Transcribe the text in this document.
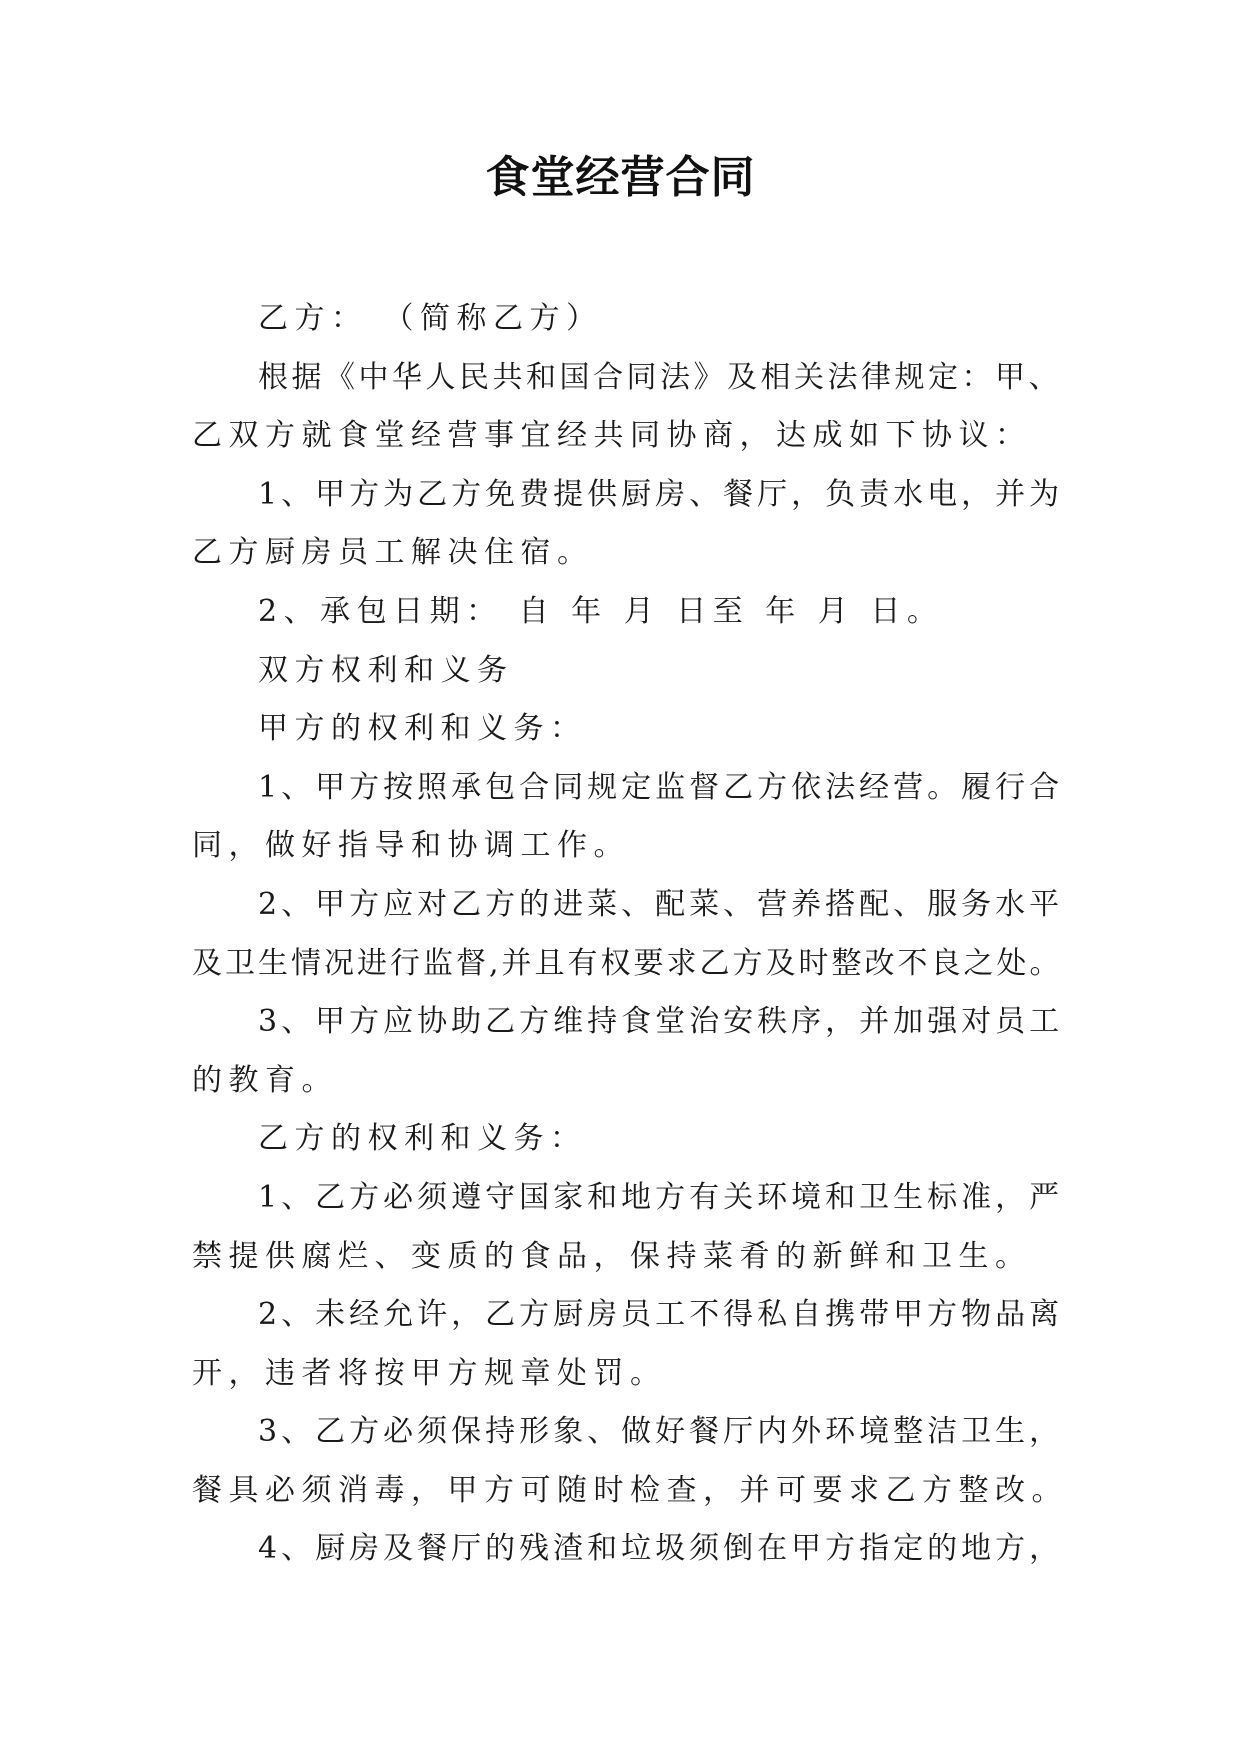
食堂经营合同
乙方： （简称乙方）
根据《中华人民共和国合同法》及相关法律规定：甲、
乙双方就食堂经营事宜经共同协商，达成如下协议：
1、甲方为乙方免费提供厨房、餐厅，负责水电，并为
乙方厨房员工解决住宿。
2、承包日期： 自 年 月 日至 年 月 日。
双方权利和义务
甲方的权利和义务：
1、甲方按照承包合同规定监督乙方依法经营。履行合
同，做好指导和协调工作。
2、甲方应对乙方的进菜、配菜、营养搭配、服务水平
及卫生情况进行监督,并且有权要求乙方及时整改不良之处。
3、甲方应协助乙方维持食堂治安秩序，并加强对员工
的教育。
乙方的权利和义务：
1、乙方必须遵守国家和地方有关环境和卫生标准，严
禁提供腐烂、变质的食品，保持菜肴的新鲜和卫生。
2、未经允许，乙方厨房员工不得私自携带甲方物品离
开，违者将按甲方规章处罚。
3、乙方必须保持形象、做好餐厅内外环境整洁卫生，
餐具必须消毒，甲方可随时检查，并可要求乙方整改。
4、厨房及餐厅的残渣和垃圾须倒在甲方指定的地方，
